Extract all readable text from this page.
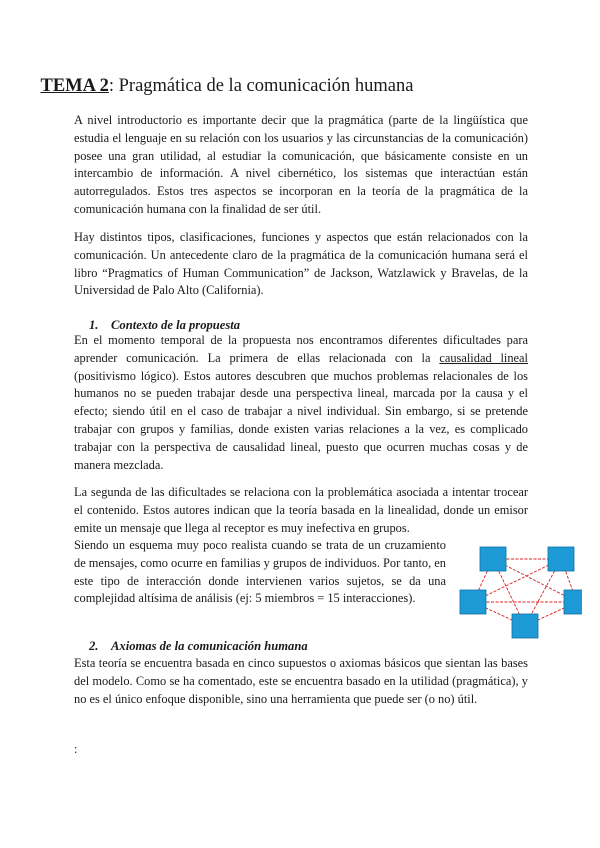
TEMA 2: Pragmática de la comunicación humana

A nivel introductorio es importante decir que la pragmática (parte de la lingüística que estudia el lenguaje en su relación con los usuarios y las circunstancias de la comunicación) posee una gran utilidad, al estudiar la comunicación, que básicamente consiste en un intercambio de información. A nivel cibernético, los sistemas que interactúan están autorregulados. Estos tres aspectos se incorporan en la teoría de la pragmática de la comunicación humana con la finalidad de ser útil.

Hay distintos tipos, clasificaciones, funciones y aspectos que están relacionados con la comunicación. Un antecedente claro de la pragmática de la comunicación humana será el libro “Pragmatics of Human Communication” de Jackson, Watzlawick y Bravelas, de la Universidad de Palo Alto (California).

1. Contexto de la propuesta

En el momento temporal de la propuesta nos encontramos diferentes dificultades para aprender comunicación. La primera de ellas relacionada con la causalidad lineal (positivismo lógico). Estos autores descubren que muchos problemas relacionales de los humanos no se pueden trabajar desde una perspectiva lineal, marcada por la causa y el efecto; siendo útil en el caso de trabajar a nivel individual. Sin embargo, si se pretende trabajar con grupos y familias, donde existen varias relaciones a la vez, es complicado trabajar con la perspectiva de causalidad lineal, puesto que ocurren muchas cosas y de manera mezclada.

La segunda de las dificultades se relaciona con la problemática asociada a intentar trocear el contenido. Estos autores indican que la teoría basada en la linealidad, donde un emisor emite un mensaje que llega al receptor es muy inefectiva en grupos.

Siendo un esquema muy poco realista cuando se trata de un cruzamiento de mensajes, como ocurre en familias y grupos de individuos. Por tanto, en este tipo de interacción donde intervienen varios sujetos, se da una complejidad altísima de análisis (ej: 5 miembros = 15 interacciones).

2. Axiomas de la comunicación humana

Esta teoría se encuentra basada en cinco supuestos o axiomas básicos que sientan las bases del modelo. Como se ha comentado, este se encuentra basado en la utilidad (pragmática), y no es el único enfoque disponible, sino una herramienta que puede ser (o no) útil.

:
